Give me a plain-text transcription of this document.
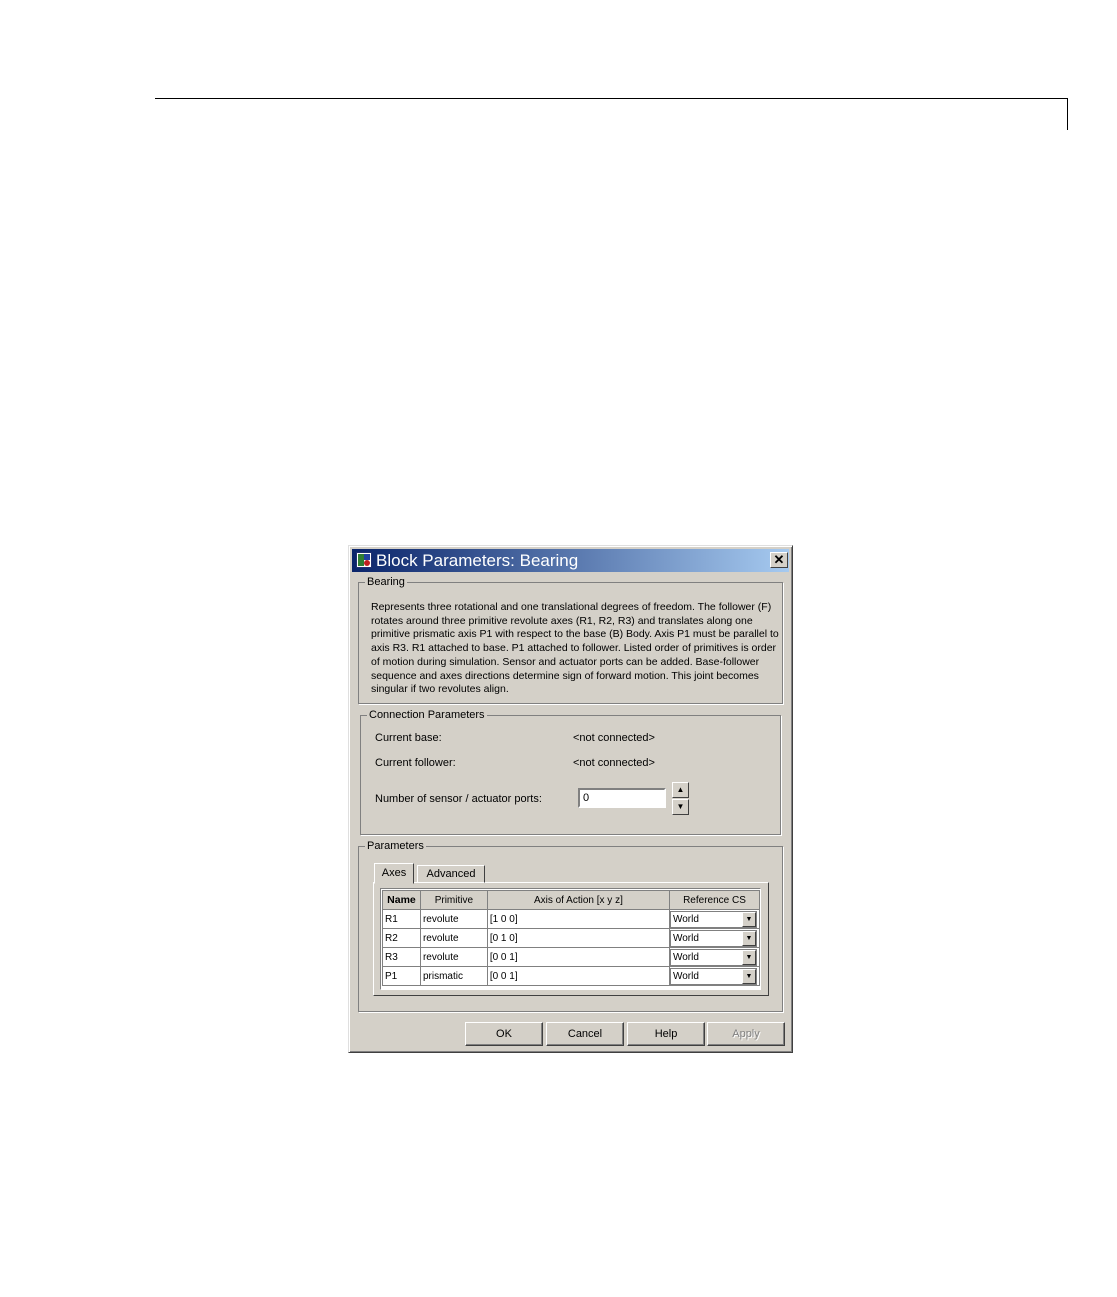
Block Parameters: Bearing	✕
Bearing
Represents three rotational and one translational degrees of freedom. The follower (F)
rotates around three primitive revolute axes (R1, R2, R3) and translates along one
primitive prismatic axis P1 with respect to the base (B) Body. Axis P1 must be parallel to
axis R3. R1 attached to base. P1 attached to follower. Listed order of primitives is order
of motion during simulation. Sensor and actuator ports can be added. Base-follower
sequence and axes directions determine sign of forward motion. This joint becomes
singular if two revolutes align.
Connection Parameters
Current base:	<not connected>
Current follower:	<not connected>
Number of sensor / actuator ports:	0
▲
▼
Parameters
Name	Primitive	Axis of Action [x y z]	Reference CS
R1	revolute	[1 0 0]	World ▼

R2	revolute	[0 1 0]	World ▼

R3	revolute	[0 0 1]	World ▼

P1	prismatic	[0 0 1]	World ▼
Axes	Advanced
OK	Cancel	Help	Apply
